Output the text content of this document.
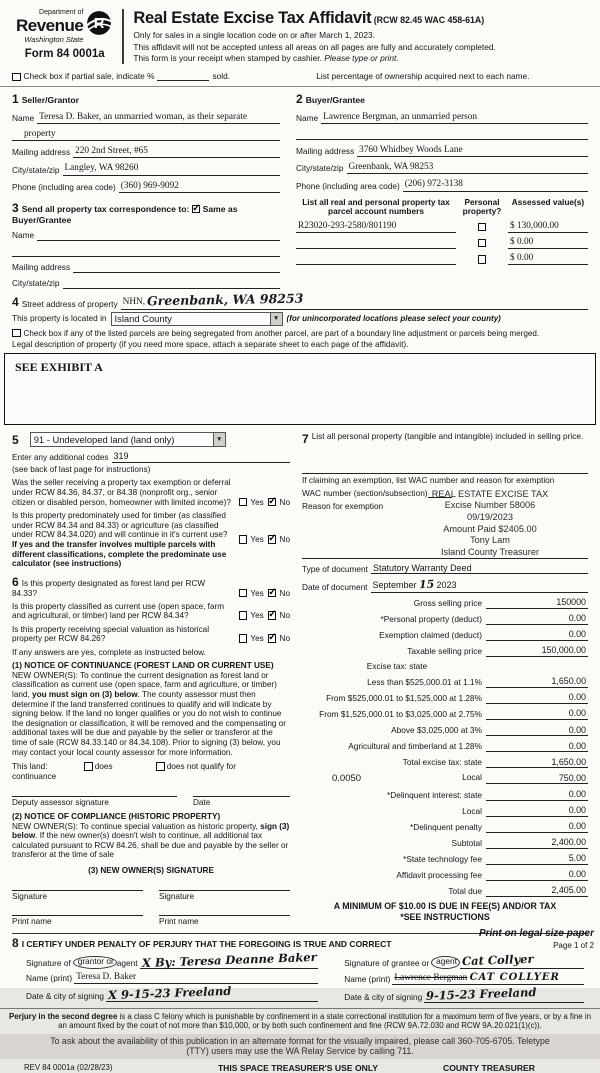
Department of
Revenue
Washington State
R
Form 84 0001a
Real Estate Excise Tax Affidavit (RCW 82.45 WAC 458-61A)
Only for sales in a single location code on or after March 1, 2023.
This affidavit will not be accepted unless all areas on all pages are fully and accurately completed.
This form is your receipt when stamped by cashier. Please type or print.
Check box if partial sale, indicate %	sold.	List percentage of ownership acquired next to each name.
1 Seller/Grantor
Name Teresa D. Baker, an unmarried woman, as their separate
property
Mailing address 220 2nd Street, #65
City/state/zip Langley, WA 98260
Phone (including area code) (360) 969-9092
3 Send all property tax correspondence to: ✓ Same as Buyer/Grantee
Name
Mailing address
City/state/zip
2 Buyer/Grantee
Name Lawrence Bergman, an unmarried person
Mailing address 3760 Whidbey Woods Lane
City/state/zip Greenbank, WA 98253
Phone (including area code) (206) 972-3138
List all real and personal property tax parcel account numbers
Personal property?
Assessed value(s)
R23020-293-2580/801190	$ 130,000.00
$ 0.00
$ 0.00
4 Street address of property NHN, Greenbank, WA 98253
This property is located in Island County	▼ (for unincorporated locations please select your county)
Check box if any of the listed parcels are being segregated from another parcel, are part of a boundary line adjustment or parcels being merged.
Legal description of property (if you need more space, attach a separate sheet to each page of the affidavit).
SEE EXHIBIT A
5	91 - Undeveloped land (land only)	▼
Enter any additional codes 319
(see back of last page for instructions)
Was the seller receiving a property tax exemption or deferral under RCW 84.36, 84.37, or 84.38 (nonprofit org., senior citizen or disabled person, homeowner with limited income)?	Yes ✓ No
Is this property predominately used for timber (as classified under RCW 84.34 and 84.33) or agriculture (as classified under RCW 84.34.020) and will continue in it's current use? If yes and the transfer involves multiple parcels with different classifications, complete the predominate use calculator (see instructions)
Yes ✓ No
6 Is this property designated as forest land per RCW 84.33?	Yes ✓ No
Is this property classified as current use (open space, farm and agricultural, or timber) land per RCW 84.34?	Yes ✓ No
Is this property receiving special valuation as historical property per RCW 84.26?	Yes ✓ No
If any answers are yes, complete as instructed below.
(1) NOTICE OF CONTINUANCE (FOREST LAND OR CURRENT USE)
NEW OWNER(S): To continue the current designation as forest land or classification as current use (open space, farm and agriculture, or timber) land, you must sign on (3) below. The county assessor must then determine if the land transferred continues to qualify and will indicate by signing below. If the land no longer qualifies or you do not wish to continue the designation or classification, it will be removed and the compensating or additional taxes will be due and payable by the seller or transferor at the time of sale (RCW 84.33.140 or 84.34.108). Prior to signing (3) below, you may contact your local county assessor for more information.
This land:
continuance
does	does not qualify for
Deputy assessor signature	Date
(2) NOTICE OF COMPLIANCE (HISTORIC PROPERTY)
NEW OWNER(S): To continue special valuation as historic property, sign (3) below. If the new owner(s) doesn't wish to continue, all additional tax calculated pursuant to RCW 84.26, shall be due and payable by the seller or transferor at the time of sale
(3) NEW OWNER(S) SIGNATURE
Signature
Print name
Signature
Print name
7 List all personal property (tangible and intangible) included in selling price.
If claiming an exemption, list WAC number and reason for exemption
WAC number (section/subsection)
Reason for exemption
REAL ESTATE EXCISE TAX
Excise Number 58006
09/19/2023
Amount Paid $2405.00
Tony Lam
Island County Treasurer
Type of document Statutory Warranty Deed
Date of document September 15 2023
Gross selling price	150000
*Personal property (deduct)	0.00
Exemption claimed (deduct)	0.00
Taxable selling price	150,000.00
Excise tax: state
Less than $525,000.01 at 1.1%	1,650.00
From $525,000.01 to $1,525,000 at 1.28%	0.00
From $1,525,000.01 to $3,025,000 at 2.75%	0.00
Above $3,025,000 at 3%	0.00
Agricultural and timberland at 1.28%	0.00
Total excise tax: state	1,650.00
0.0050	Local	750.00
*Delinquent interest: state	0.00
Local	0.00
*Delinquent penalty	0.00
Subtotal	2,400.00
*State technology fee	5.00
Affidavit processing fee	0.00
Total due	2,405.00
A MINIMUM OF $10.00 IS DUE IN FEE(S) AND/OR TAX
*SEE INSTRUCTIONS
8 I CERTIFY UNDER PENALTY OF PERJURY THAT THE FOREGOING IS TRUE AND CORRECT
Signature of grantor or agent X By: Teresa Deanne Baker
Name (print) Teresa D. Baker
Date & city of signing X 9-15-23 Freeland
Signature of grantee or agent Cat Collyer
Name (print) Lawrence Bergman CAT COLLYER
Date & city of signing 9-15-23 Freeland
Perjury in the second degree is a class C felony which is punishable by confinement in a state correctional institution for a maximum term of five years, or by a fine in an amount fixed by the court of not more than $10,000, or by both such confinement and fine (RCW 9A.72.030 and RCW 9A.20.021(1)(c)).
To ask about the availability of this publication in an alternate format for the visually impaired, please call 360-705-6705. Teletype (TTY) users may use the WA Relay Service by calling 711.
REV 84 0001a (02/28/23)	THIS SPACE TREASURER'S USE ONLY	COUNTY TREASURER
Print on legal size paper
Page 1 of 2
